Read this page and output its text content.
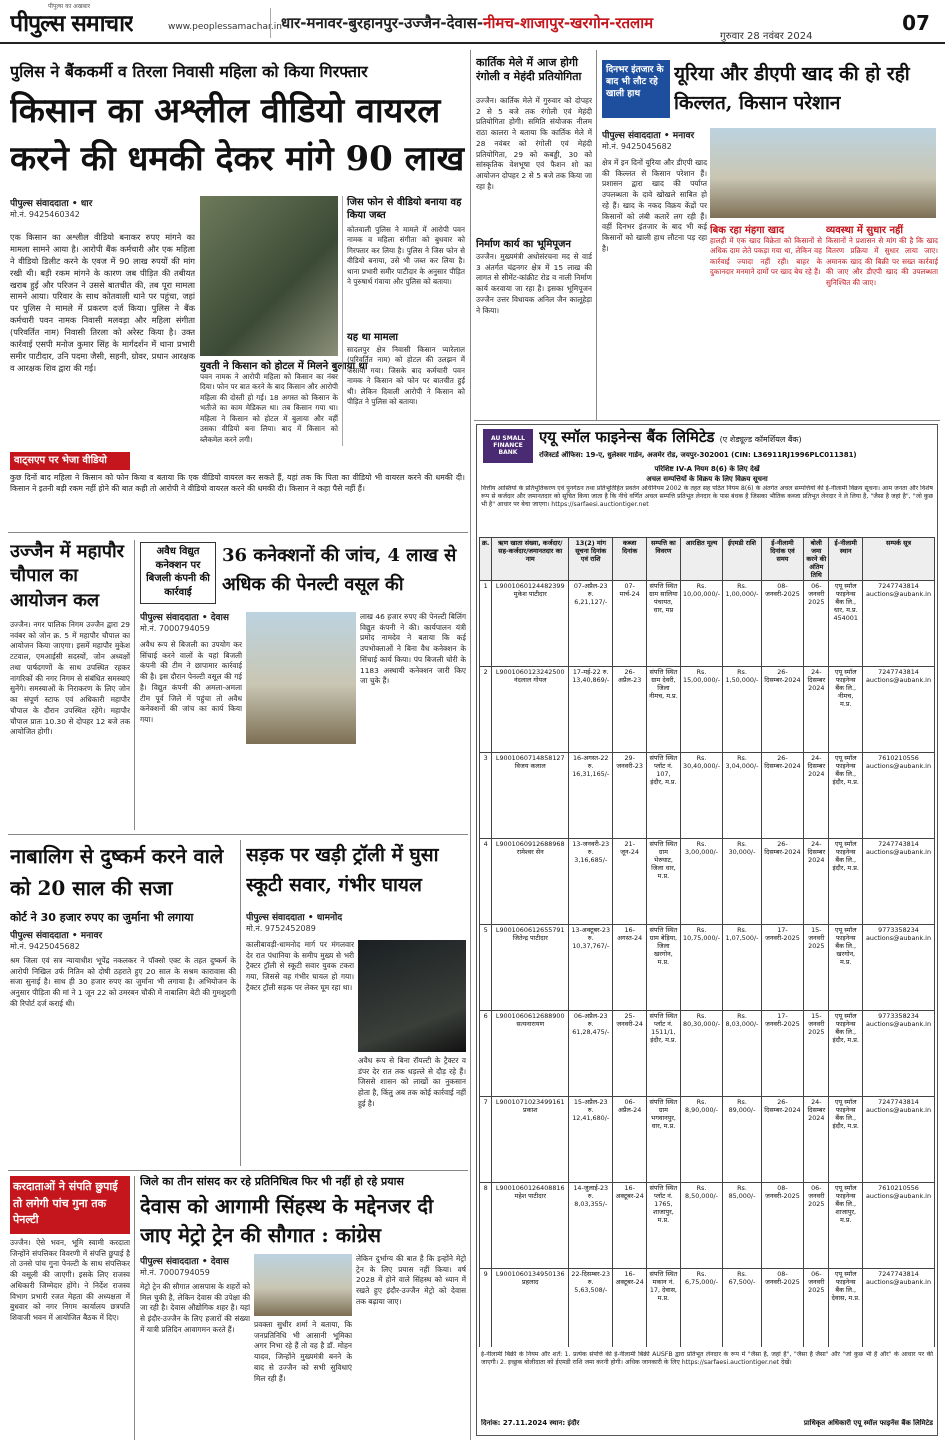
पीपुल्स समाचार
पीपुल्स का अखबार
www.peoplessamachar.in धार-मनावर-बुरहानपुर-उज्जैन-देवास-नीमच-शाजापुर-खरगोन-रतलाम
गुरुवार 28 नवंबर 2024
07
पुलिस ने बैंककर्मी व तिरला निवासी महिला को किया गिरफ्तार
किसान का अश्लील वीडियो वायरल करने की धमकी देकर मांगे 90 लाख
पीपुल्स संवाददाता • धार
मो.नं. 9425460342
एक किसान का अश्लील वीडियो बनाकर रुपए मांगने का मामला सामने आया है। आरोपी बैंक कर्मचारी और एक महिला ने वीडियो डिलीट करने के एवज में 90 लाख रुपयों की मांग रखी थी। बड़ी रकम मांगने के कारण जब पीड़ित की तबीयत खराब हुई और परिजन ने उससे बातचीत की, तब पूरा मामला सामने आया। परिवार के साथ कोतवाली थाने पर पहुंचा, जहां पर पुलिस ने मामले में प्रकरण दर्ज किया। पुलिस ने बैंक कर्मचारी पवन नामक निवासी मलवड़ा और महिला संगीता (परिवर्तित नाम) निवासी तिरला को अरेस्ट किया है। उक्त कार्रवाई एसपी मनोज कुमार सिंह के मार्गदर्शन में थाना प्रभारी समीर पाटीदार, उनि पदमा जैसी, सहनी, ग्रोवर, प्रधान आरक्षक व आरक्षक शिव द्वारा की गई।	युवती ने किसान को होटल में मिलने बुलाया था
पवन नामक ने आरोपी महिला को किसान का नंबर दिया। फोन पर बात करने के बाद किसान और आरोपी महिला की दोस्ती हो गई। 18 अगस्त को किसान के भतीजे का काम मेडिकल था। तब किसान गया था। महिला ने किसान को होटल में बुलाया और वहीं उसका वीडियो बना लिया। बाद में किसान को ब्लैकमेल करने लगी।
जिस फोन से वीडियो बनाया वह किया जब्त
कोतवाली पुलिस ने मामले में आरोपी पवन नामक व महिला संगीता को बुधवार को गिरफ्तार कर लिया है। पुलिस ने जिस फोन से वीडियो बनाया, उसे भी जब्त कर लिया है। थाना प्रभारी समीर पाटीदार के अनुसार पीड़ित ने पुरुषार्थ गंवाया और पुलिस को बताया।
यह था मामला
सादलपुर क्षेत्र निवासी किसान प्यारेलाल (परिवर्तित नाम) को होटल की उलझन में फंसाया गया। जिसके बाद कर्मचारी पवन नामक ने किसान को फोन पर बातचीत हुई थी। लेकिन दिवाली आरोपी ने किसान को पीड़ित ने पुलिस को बताया।
वाट्सएप पर भेजा वीडियो
कुछ दिनों बाद महिला ने किसान को फोन किया व बताया कि एक वीडियो वायरल कर सकते हैं, यहां तक कि पिता का वीडियो भी वायरल करने की धमकी दी। किसान ने इतनी बड़ी रकम नहीं होने की बात कही तो आरोपी ने वीडियो वायरल करने की धमकी दी। किसान ने कहा पैसे नहीं हैं।
कार्तिक मेले में आज होगी रंगोली व मेहंदी प्रतियोगिता
उज्जैन। कार्तिक मेले में गुरुवार को दोपहर 2 से 5 बजे तक रंगोली एवं मेहंदी प्रतियोगिता होगी। समिति संयोजक नीलम राठा कालरा ने बताया कि कार्तिक मेले में 28 नवंबर को रंगोली एवं मेहंदी प्रतियोगिता, 29 को कबड्डी, 30 को सांस्कृतिक वेशभूषा एवं फैशन शो का आयोजन दोपहर 2 से 5 बजे तक किया जा रहा है।
निर्माण कार्य का भूमिपूजन
उज्जैन। मुख्यमंत्री अधोसंरचना मद से वार्ड 3 अंतर्गत चंद्रनगर क्षेत्र में 15 लाख की लागत से सीमेंट-कांक्रीट रोड व नाली निर्माण कार्य करवाया जा रहा है। इसका भूमिपूजन उज्जैन उत्तर विधायक अनिल जैन कालूहेड़ा ने किया।
दिनभर इंतजार के बाद भी लौट रहे खाली हाथ
यूरिया और डीएपी खाद की हो रही किल्लत, किसान परेशान
पीपुल्स संवाददाता • मनावर
मो.नं. 9425045682
क्षेत्र में इन दिनों यूरिया और डीएपी खाद की किल्लत से किसान परेशान हैं। प्रशासन द्वारा खाद की पर्याप्त उपलब्धता के दावे खोखले साबित हो रहे हैं। खाद के नकद विक्रय केंद्रों पर किसानों को लंबी कतारें लग रही हैं। वहीं दिनभर इंतजार के बाद भी कई किसानों को खाली हाथ लौटना पड़ रहा है।
बिक रहा मंहगा खाद
हालही में एक खाद विक्रेता को किसानों से अधिक दाम लेते पकड़ा गया था, लेकिन वह कार्रवाई ज्यादा नहीं रही। बाहर के दुकानदार मनमाने दामों पर खाद बेच रहे हैं।
व्यवस्था में सुधार नहीं
किसानों ने प्रशासन से मांग की है कि खाद वितरण प्रक्रिया में सुधार लाया जाए। अमानक खाद की बिक्री पर सख्त कार्रवाई की जाए और डीएपी खाद की उपलब्धता सुनिश्चित की जाए।
AU SMALL FINANCE BANK
एयू स्मॉल फाइनेन्स बैंक लिमिटेड (ए शेड्यूल्ड कॉमर्शियल बैंक)
रजिस्टर्ड ऑफिस: 19-ए, धुलेश्वर गार्डन, अजमेर रोड, जयपुर-302001 (CIN: L36911RJ1996PLC011381)
परिशिष्ट IV-A नियम 8(6) के लिए देखें
अचल सम्पत्तियों के विक्रय के लिए विक्रय सूचना
वित्तीय आस्तियों के प्रतिभूतिकरण एवं पुनर्गठन तथा प्रतिभूतिहित प्रवर्तन अधिनियम 2002 के तहत सह पठित नियम 8(6) के अंतर्गत अचल सम्पत्तियों की ई-नीलामी विक्रय सूचना। आम जनता और विशेष रूप से कर्जदार और जमानतदार को सूचित किया जाता है कि नीचे वर्णित अचल सम्पत्ति प्रतिभूत लेनदार के पास बंधक है जिसका भौतिक कब्जा प्रतिभूत लेनदार ने ले लिया है, "जैसा है जहां है", "जो कुछ भी है" आधार पर बेचा जाएगा। https://sarfaesi.auctiontiger.net
क्र.	ऋण खाता संख्या, कर्जदार/सह-कर्जदार/जमानतदार का नाम	13(2) मांग सूचना दिनांक एवं राशि	कब्जा दिनांक	सम्पत्ति का विवरण	आरक्षित मूल्य	ईएमडी राशि	ई-नीलामी दिनांक एवं समय	बोली जमा करने की अंतिम तिथि	ई-नीलामी स्थान	सम्पर्क सूत्र
1	L9001060124482399 मुकेश पाटीदार	07-अप्रैल-23 रु. 6,21,127/-	07-मार्च-24	संपत्ति स्थित ग्राम सालिया पंचायत, धार, मप्र	Rs. 10,00,000/-	Rs. 1,00,000/-	08-जनवरी-2025	06-जनवरी 2025	एयू स्मॉल फाइनेन्स बैंक लि., धार, म.प्र. 454001	7247743814 auctions@aubank.in
2	L9001060123242500 नंदलाल गोयल	17-मई-22 रु. 13,40,869/-	26-अप्रैल-23	संपत्ति स्थित ग्राम देवरी, जिला नीमच, म.प्र.	Rs. 15,00,000/-	Rs. 1,50,000/-	26-दिसम्बर-2024	24-दिसम्बर 2024	एयू स्मॉल फाइनेन्स बैंक लि., नीमच, म.प्र.	7247743814 auctions@aubank.in
3	L9001060714858127 विजय कलाल	16-अगस्त-22 रु. 16,31,165/-	29-जनवरी-23	संपत्ति स्थित प्लॉट नं. 107, इंदौर, म.प्र.	Rs. 30,40,000/-	Rs. 3,04,000/-	26-दिसम्बर-2024	24-दिसम्बर 2024	एयू स्मॉल फाइनेन्स बैंक लि., इंदौर, म.प्र.	7610210556 auctions@aubank.in
4	L9001060912688968 रामेश्वर सेन	13-जनवरी-23 रु. 3,16,685/-	21-जून-24	संपत्ति स्थित ग्राम भेरुघाट, जिला धार, म.प्र.	Rs. 3,00,000/-	Rs. 30,000/-	26-दिसम्बर-2024	24-दिसम्बर 2024	एयू स्मॉल फाइनेन्स बैंक लि., इंदौर, म.प्र.	7247743814 auctions@aubank.in
5	L9001060612655791 जितेन्द्र पाटीदार	13-अक्टूबर-23 रु. 10,37,767/-	16-अगस्त-24	संपत्ति स्थित ग्राम बेड़िया, जिला खरगोन, म.प्र.	Rs. 10,75,000/-	Rs. 1,07,500/-	17-जनवरी-2025	15-जनवरी 2025	एयू स्मॉल फाइनेन्स बैंक लि., खरगोन, म.प्र.	9773358234 auctions@aubank.in
6	L9001060612688900 सत्यनारायण	06-अप्रैल-23 रु. 61,28,475/-	25-जनवरी-24	संपत्ति स्थित प्लॉट नं. 1511/1, इंदौर, म.प्र.	Rs. 80,30,000/-	Rs. 8,03,000/-	17-जनवरी-2025	15-जनवरी 2025	एयू स्मॉल फाइनेन्स बैंक लि., इंदौर, म.प्र.	9773358234 auctions@aubank.in
7	L9001071023499161 प्रकाश	15-अप्रैल-23 रु. 12,41,680/-	06-अप्रैल-24	संपत्ति स्थित ग्राम भगवानपुर, धार, म.प्र.	Rs. 8,90,000/-	Rs. 89,000/-	26-दिसम्बर-2024	24-दिसम्बर 2024	एयू स्मॉल फाइनेन्स बैंक लि., इंदौर, म.प्र.	7247743814 auctions@aubank.in
8	L9001060126408816 महेश पाटीदार	14-जुलाई-23 रु. 8,03,355/-	16-अक्टूबर-24	संपत्ति स्थित प्लॉट नं. 1765, शाजापुर, म.प्र.	Rs. 8,50,000/-	Rs. 85,000/-	08-जनवरी-2025	06-जनवरी 2025	एयू स्मॉल फाइनेन्स बैंक लि., शाजापुर, म.प्र.	7610210556 auctions@aubank.in
9	L9001060134950136 प्रहलाद	22-दिसम्बर-23 रु. 5,63,508/-	16-अक्टूबर-24	संपत्ति स्थित मकान नं. 17, देवास, म.प्र.	Rs. 6,75,000/-	Rs. 67,500/-	08-जनवरी-2025	06-जनवरी 2025	एयू स्मॉल फाइनेन्स बैंक लि., देवास, म.प्र.	7247743814 auctions@aubank.in
ई-नीलामी बिक्री के नियम और शर्तें: 1. प्रत्येक संपत्ति की ई-नीलामी बिक्री AUSFB द्वारा प्रतिभूत लेनदार के रूप में "जैसा है, जहां है", "जैसा है जैसा" और "जो कुछ भी है और" के आधार पर की जाएगी। 2. इच्छुक बोलीदाता को ईएमडी राशि जमा करनी होगी। अधिक जानकारी के लिए https://sarfaesi.auctiontiger.net देखें।
दिनांक: 27.11.2024 स्थान: इंदौर	प्राधिकृत अधिकारी एयू स्मॉल फाइनेंस बैंक लिमिटेड
उज्जैन में महापौर चौपाल का आयोजन कल
उज्जैन। नगर पालिक निगम उज्जैन द्वारा 29 नवंबर को जोन क्र. 5 में महापौर चौपाल का आयोजन किया जाएगा। इसमें महापौर मुकेश टटवाल, एमआईसी सदस्यों, जोन अध्यक्षों तथा पार्षदगणों के साथ उपस्थित रहकर नागरिकों की नगर निगम से संबंधित समस्याएं सुनेंगे। समस्याओं के निराकरण के लिए जोन का संपूर्ण स्टाफ एवं अधिकारी महापौर चौपाल के दौरान उपस्थित रहेंगे। महापौर चौपाल प्रातः 10.30 से दोपहर 12 बजे तक आयोजित होगी।
अवैध विद्युत कनेक्शन पर बिजली कंपनी की कार्रवाई
36 कनेक्शनों की जांच, 4 लाख से अधिक की पेनल्टी वसूल की
पीपुल्स संवाददाता • देवास
मो.नं. 7000794059
अवैध रूप से बिजली का उपयोग कर सिंचाई करने वालों के यहां बिजली कंपनी की टीम ने छापामार कार्रवाई की है। इस दौरान पेनल्टी वसूल की गई है। विद्युत कंपनी की अमला-अमला टीम पूर्व जिले में पहुंचा तो अवैध कनेक्शनों की जांच का कार्य किया गया।
लाख 46 हजार रुपए की पेनल्टी बिलिंग विद्युत कंपनी ने की। कार्यपालन यंत्री प्रमोद नामदेव ने बताया कि कई उपभोक्ताओं ने बिना वैध कनेक्शन के सिंचाई कार्य किया। पंप बिजली चोरी के 1183 अस्थायी कनेक्शन जारी किए जा चुके हैं।
नाबालिग से दुष्कर्म करने वाले को 20 साल की सजा
कोर्ट ने 30 हजार रुपए का जुर्माना भी लगाया
पीपुल्स संवाददाता • मनावर
मो.नं. 9425045682
श्रम जिला एवं सत्र न्यायाधीश भूपेंद्र नकलकर ने पॉक्सो एक्ट के तहत दुष्कर्म के आरोपी निखिल उर्फ नितिन को दोषी ठहराते हुए 20 साल के सश्रम कारावास की सजा सुनाई है। साथ ही 30 हजार रुपए का जुर्माना भी लगाया है। अभियोजन के अनुसार पीड़िता की मां ने 1 जून 22 को उमरबन चौकी में नाबालिग बेटी की गुमशुदगी की रिपोर्ट दर्ज कराई थी।
सड़क पर खड़ी ट्रॉली में घुसा स्कूटी सवार, गंभीर घायल
पीपुल्स संवाददाता • धामनोद
मो.नं. 9752452089
कालीबावड़ी-धामनोद मार्ग पर मंगलवार देर रात पंधानिया के समीप मुख्य से भरी ट्रैक्टर ट्रॉली से स्कूटी सवार युवक टकरा गया, जिससे वह गंभीर घायल हो गया। ट्रैक्टर ट्रॉली सड़क पर लेकर घूम रहा था।
अवैध रूप से बिना रॉयल्टी के ट्रैक्टर व डंपर देर रात तक धड़ल्ले से दौड़ रहे हैं। जिससे शासन को लाखों का नुकसान होता है, किंतु अब तक कोई कार्रवाई नहीं हुई है।
करदाताओं ने संपति छुपाई तो लगेगी पांच गुना तक पेनल्टी
उज्जैन। ऐसे भवन, भूमि स्वामी करदाता जिन्होंने संपत्तिकर विवरणी में संपत्ति छुपाई है तो उनसे पांच गुना पेनल्टी के साथ संपत्तिकर की वसूली की जाएगी। इसके लिए राजस्व अधिकारी जिम्मेदार होंगे। ने निर्देश राजस्व विभाग प्रभारी रजत मेहता की अध्यक्षता में बुधवार को नगर निगम कार्यालय छत्रपति शिवाजी भवन में आयोजित बैठक में दिए।
जिले का तीन सांसद कर रहे प्रतिनिधित्व फिर भी नहीं हो रहे प्रयास
देवास को आगामी सिंहस्थ के मद्देनजर दी जाए मेट्रो ट्रेन की सौगात : कांग्रेस
पीपुल्स संवाददाता • देवास
मो.नं. 7000794059
मेट्रो ट्रेन की सौगात आसपास के शहरों को मिल चुकी है, लेकिन देवास की उपेक्षा की जा रही है। देवास औद्योगिक शहर है। यहां से इंदौर-उज्जैन के लिए हजारों की संख्या में यात्री प्रतिदिन आवागमन करते हैं।
प्रवक्ता सुधीर शर्मा ने बताया, कि जनप्रतिनिधि भी आसानी भूमिका अगर निभा रहे हैं तो वह है डॉ. मोहन यादव, जिन्होंने मुख्यमंत्री बनने के बाद से उज्जैन को सभी सुविधाएं मिल रही हैं।
लेकिन दुर्भाग्य की बात है कि इन्होंने मेट्रो ट्रेन के लिए प्रयास नहीं किया। वर्ष 2028 में होने वाले सिंहस्थ को ध्यान में रखते हुए इंदौर-उज्जैन मेट्रो को देवास तक बढ़ाया जाए।
